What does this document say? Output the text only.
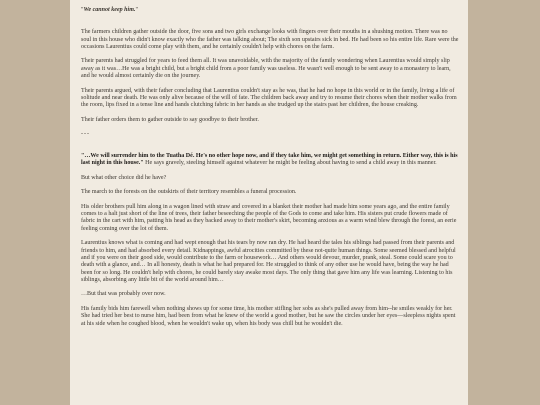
"We cannot keep him."

The farmers children gather outside the door, five sons and two girls exchange looks with fingers over their mouths in a shushing motion. There was no soul in this house who didn't know exactly who the father was talking about; The sixth son upstairs sick in bed. He had been so his entire life. Rare were the occasions Laurentius could come play with them, and he certainly couldn't help with chores on the farm.

Their parents had struggled for years to feed them all. It was unavoidable, with the majority of the family wondering when Laurentius would simply slip away as it was…He was a bright child, but a bright child from a poor family was useless. He wasn't well enough to be sent away to a monastery to learn, and he would almost certainly die on the journey.

Their parents argued, with their father concluding that Laurentius couldn't stay as he was, that he had no hope in this world or in the family, living a life of solitude and near death. He was only alive because of the will of fate. The children back away and try to resume their chores when their mother walks from the room, lips fixed in a tense line and hands clutching fabric in her hands as she trudged up the stairs past her children, the house creaking.

Their father orders them to gather outside to say goodbye to their brother.

---

"…We will surrender him to the Tuatha Dé. He's no other hope now, and if they take him, we might get something in return. Either way, this is his last night in this house." He says gravely, steeling himself against whatever he might be feeling about having to send a child away in this manner.

But what other choice did he have?

The march to the forests on the outskirts of their territory resembles a funeral procession.

His older brothers pull him along in a wagon lined with straw and covered in a blanket their mother had made him some years ago, and the entire family comes to a halt just short of the line of trees, their father beseeching the people of the Gods to come and take him. His sisters put crude flowers made of fabric in the cart with him, patting his head as they backed away to their mother's skirt, becoming anxious as a warm wind blew through the forest, an eerie feeling coming over the lot of them.

Laurentius knows what is coming and had wept enough that his tears by now ran dry. He had heard the tales his siblings had passed from their parents and friends to him, and had absorbed every detail. Kidnappings, awful atrocities committed by these not-quite human things. Some seemed blessed and helpful and if you were on their good side, would contribute to the farm or housework… And others would devour, murder, prank, steal. Some could scare you to death with a glance, and… In all honesty, death is what he had prepared for. He struggled to think of any other use he would have, being the way he had been for so long. He couldn't help with chores, he could barely stay awake most days. The only thing that gave him any life was learning. Listening to his siblings, absorbing any little bit of the world around him…

…But that was probably over now.

His family bids him farewell when nothing shows up for some time, his mother stifling her sobs as she's pulled away from him--he smiles weakly for her. She had tried her best to nurse him, had been from what he knew of the world a good mother, but he saw the circles under her eyes—sleepless nights spent at his side when he coughed blood, when he wouldn't wake up, when his body was chill but he wouldn't die.
